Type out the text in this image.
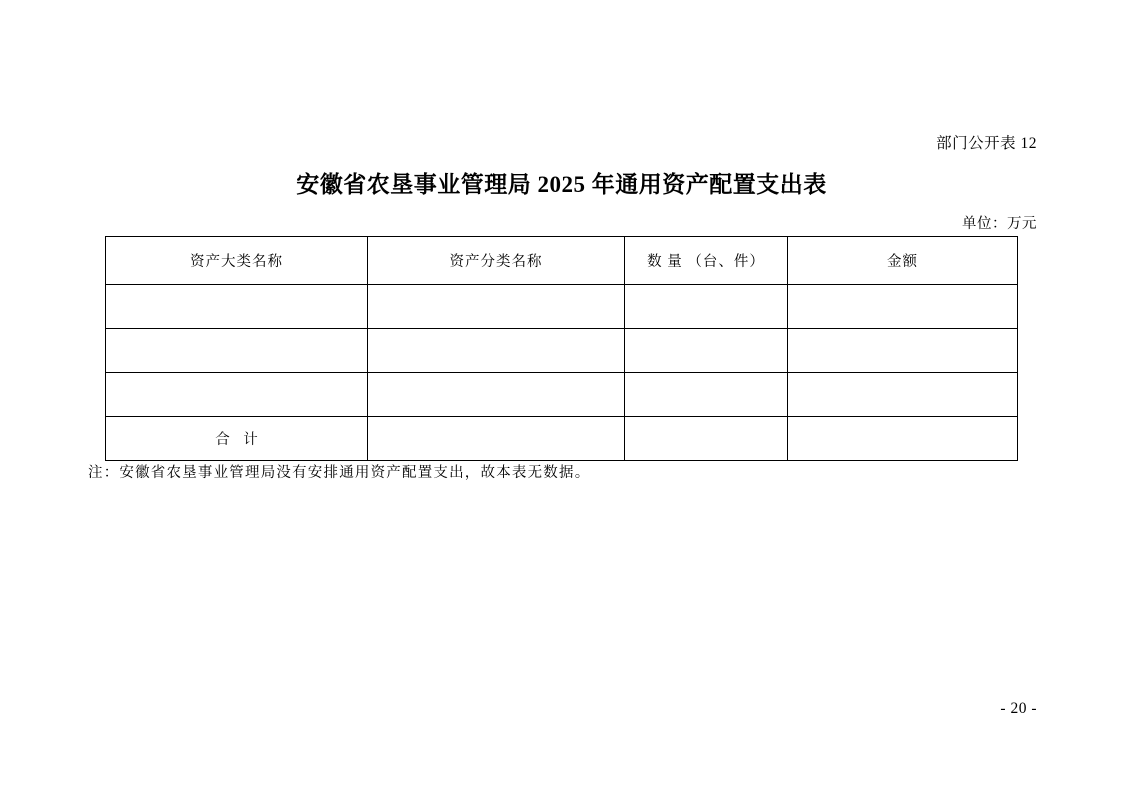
部门公开表 12
安徽省农垦事业管理局 2025 年通用资产配置支出表
单位：万元
资产大类名称	资产分类名称	数 量 （台、件）	金额

合 计			
注：安徽省农垦事业管理局没有安排通用资产配置支出，故本表无数据。
- 20 -
